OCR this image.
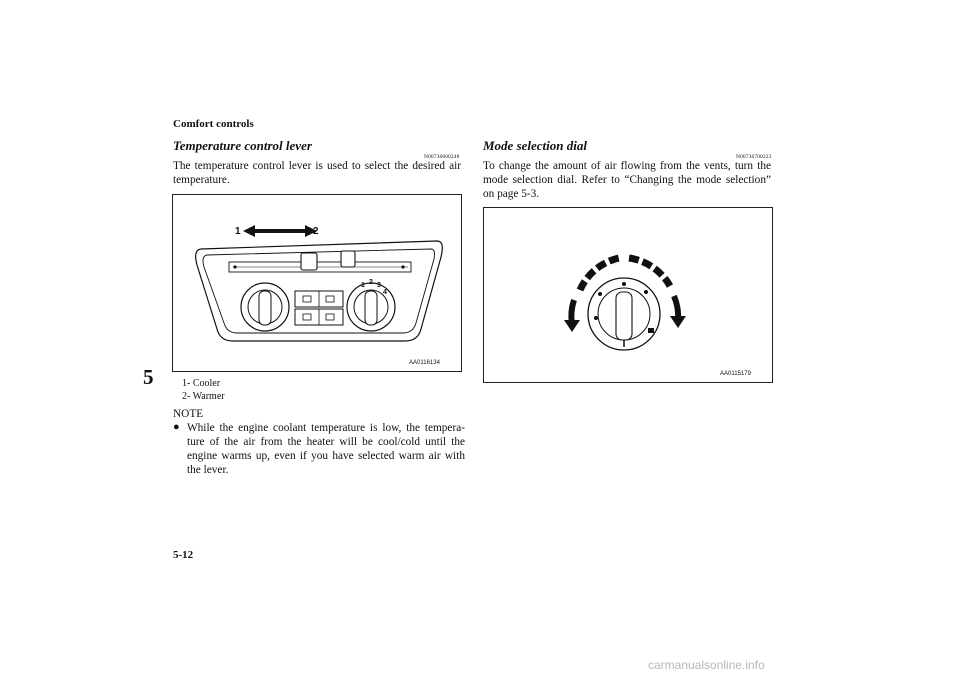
Comfort controls
5
Temperature control lever
N00736600248
The temperature control lever is used to select the desired air temperature.
1	2
1 2 3
4
AA0116134
1- Cooler
2- Warmer
NOTE
● While the engine coolant temperature is low, the tempera-ture of the air from the heater will be cool/cold until the engine warms up, even if you have selected warm air with the lever.
Mode selection dial
N00736700223
To change the amount of air flowing from the vents, turn the mode selection dial. Refer to “Changing the mode selection” on page 5-3.
AA0115179
5-12
carmanualsonline.info
